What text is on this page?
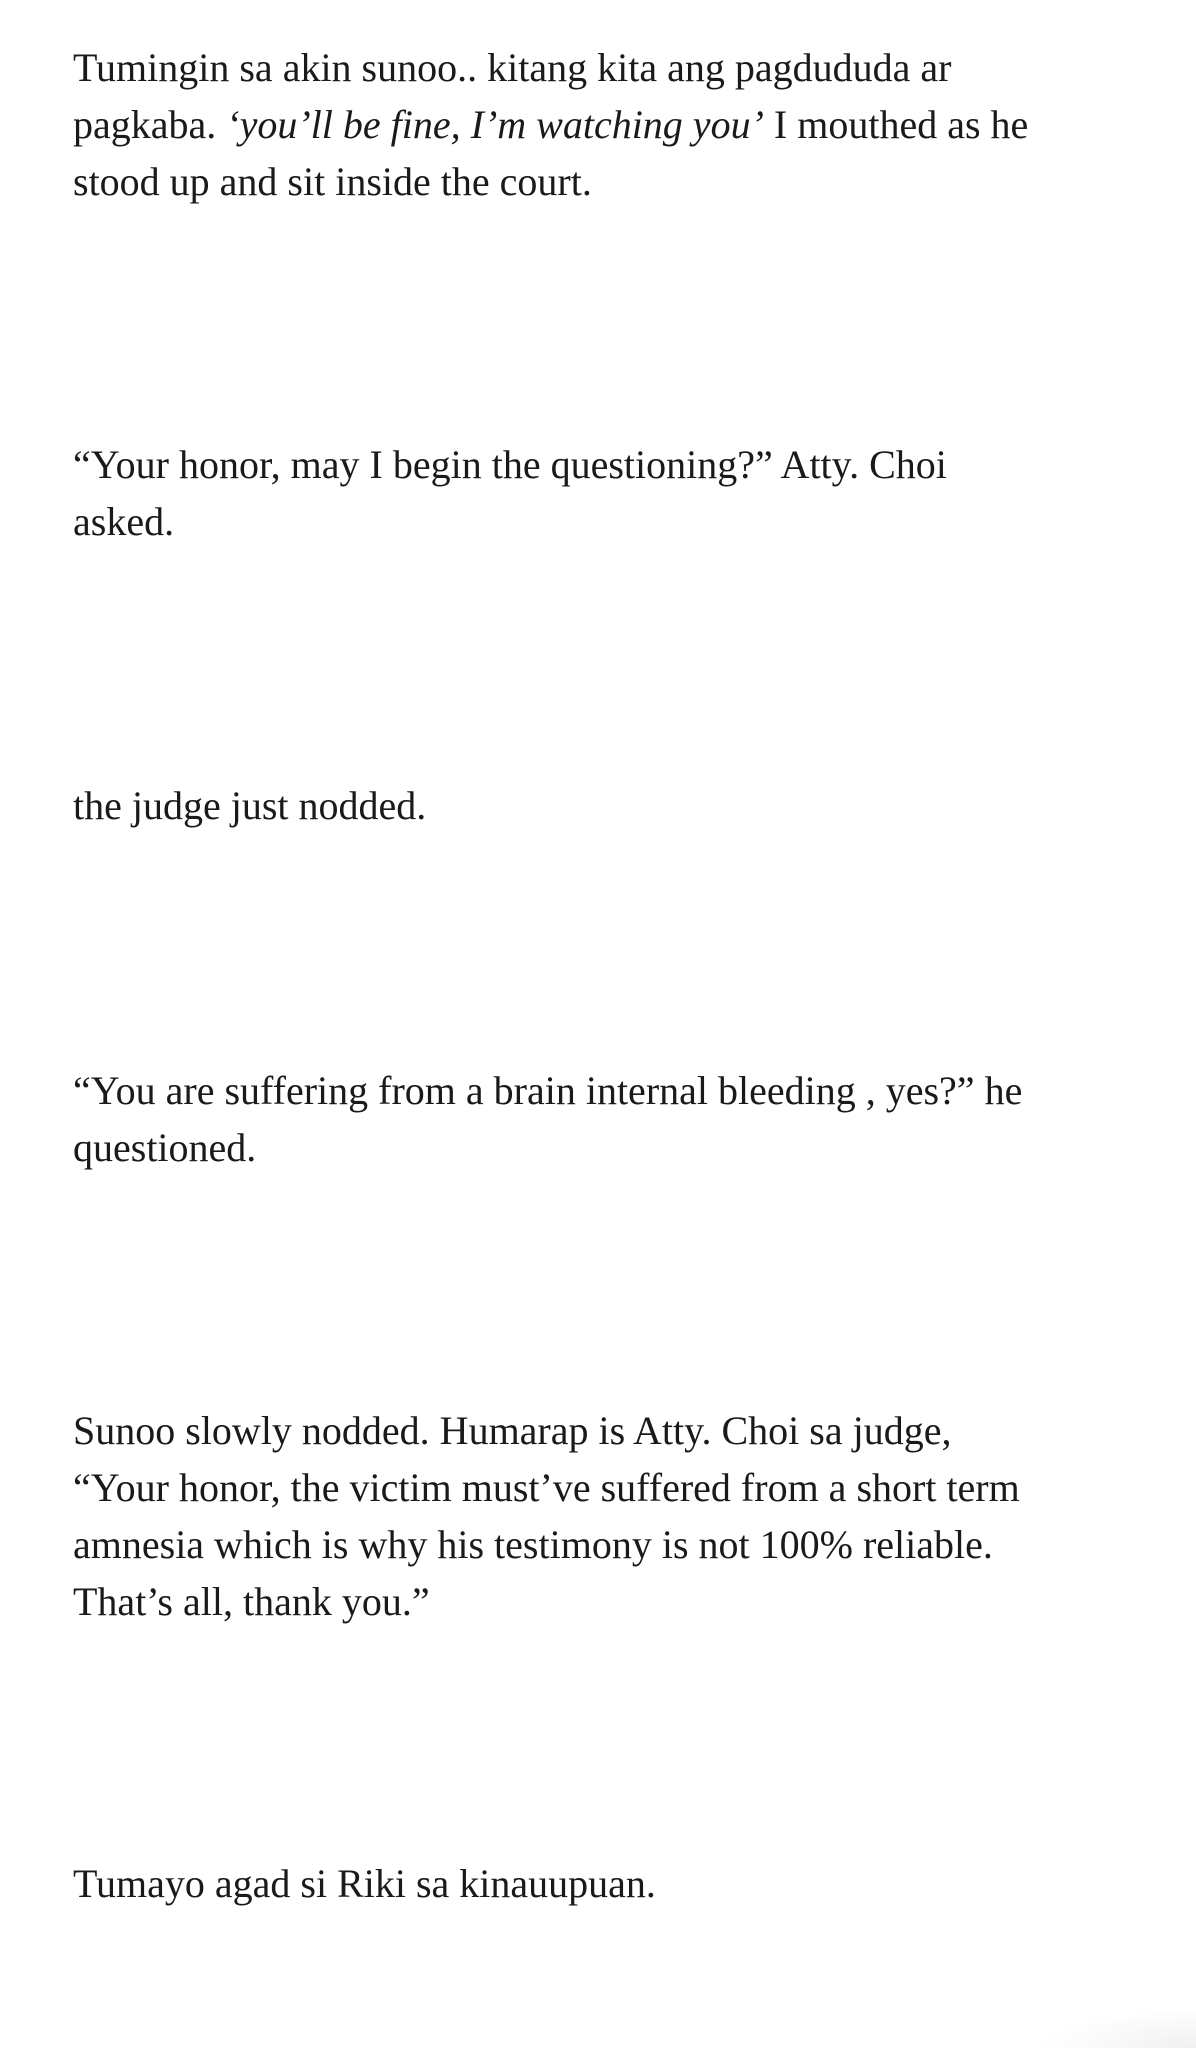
Tumingin sa akin sunoo.. kitang kita ang pagdududa ar
pagkaba. ‘you’ll be fine, I’m watching you’ I mouthed as he
stood up and sit inside the court.

“Your honor, may I begin the questioning?” Atty. Choi
asked.

the judge just nodded.

“You are suffering from a brain internal bleeding , yes?” he
questioned.

Sunoo slowly nodded. Humarap is Atty. Choi sa judge,
“Your honor, the victim must’ve suffered from a short term
amnesia which is why his testimony is not 100% reliable.
That’s all, thank you.”

Tumayo agad si Riki sa kinauupuan.
